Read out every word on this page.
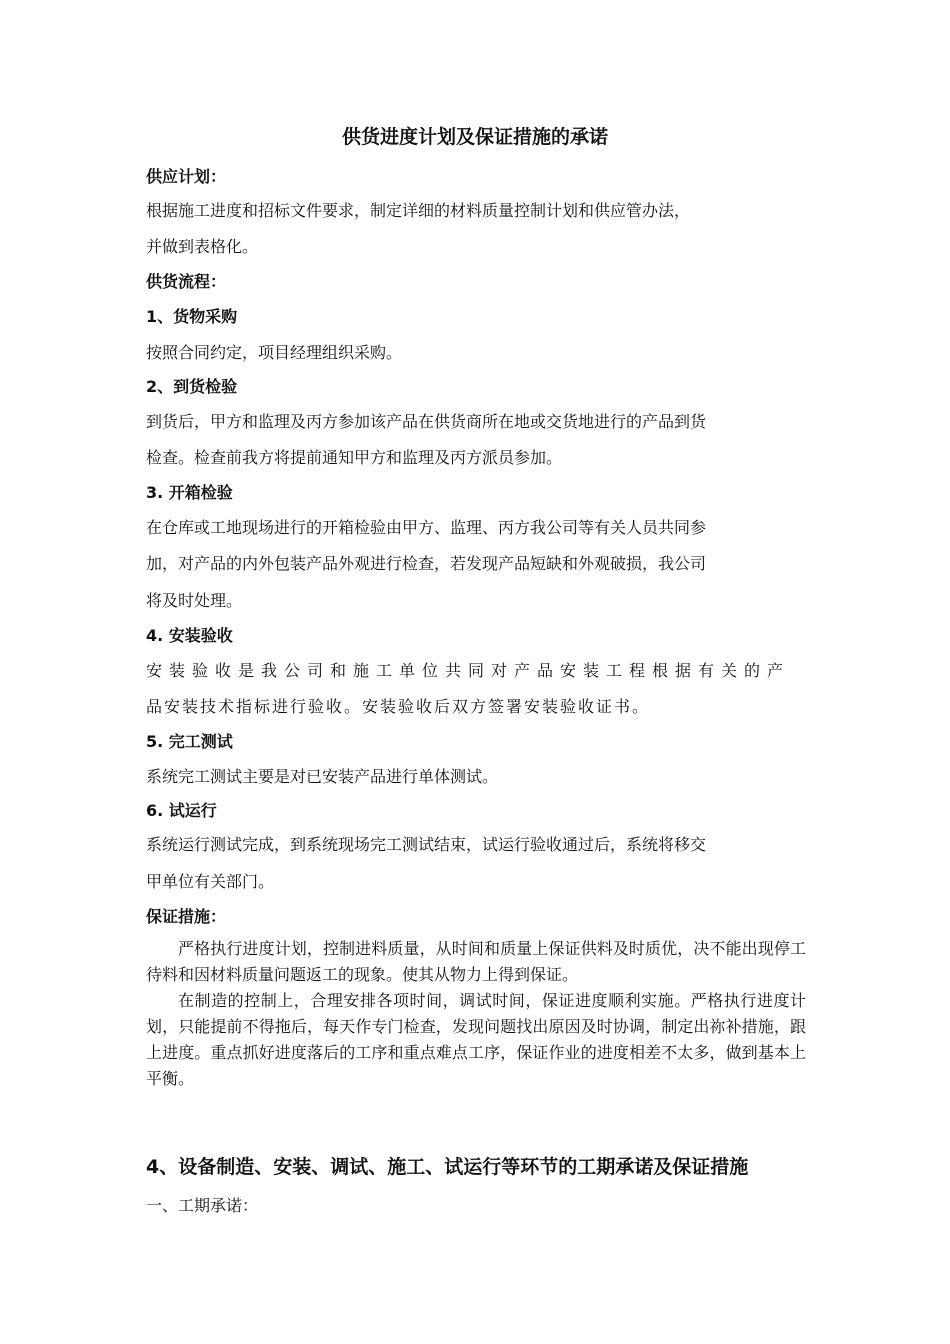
供货进度计划及保证措施的承诺
供应计划：
根据施工进度和招标文件要求，制定详细的材料质量控制计划和供应管办法，
并做到表格化。
供货流程：
1、货物采购
按照合同约定，项目经理组织采购。
2、到货检验
到货后，甲方和监理及丙方参加该产品在供货商所在地或交货地进行的产品到货
检查。检查前我方将提前通知甲方和监理及丙方派员参加。
3. 开箱检验
在仓库或工地现场进行的开箱检验由甲方、监理、丙方我公司等有关人员共同参
加，对产品的内外包装产品外观进行检查，若发现产品短缺和外观破损，我公司
将及时处理。
4. 安装验收
安装验收是我公司和施工单位共同对产品安装工程根据有关的产
品安装技术指标进行验收。安装验收后双方签署安装验收证书。
5. 完工测试
系统完工测试主要是对已安装产品进行单体测试。
6. 试运行
系统运行测试完成，到系统现场完工测试结束，试运行验收通过后，系统将移交
甲单位有关部门。
保证措施：
严格执行进度计划，控制进料质量，从时间和质量上保证供料及时质优，决不能出现停工待料和因材料质量问题返工的现象。使其从物力上得到保证。
在制造的控制上，合理安排各项时间，调试时间，保证进度顺利实施。严格执行进度计划，只能提前不得拖后，每天作专门检查，发现问题找出原因及时协调，制定出祢补措施，跟上进度。重点抓好进度落后的工序和重点难点工序，保证作业的进度相差不太多，做到基本上平衡。
4、设备制造、安装、调试、施工、试运行等环节的工期承诺及保证措施
一、工期承诺：
